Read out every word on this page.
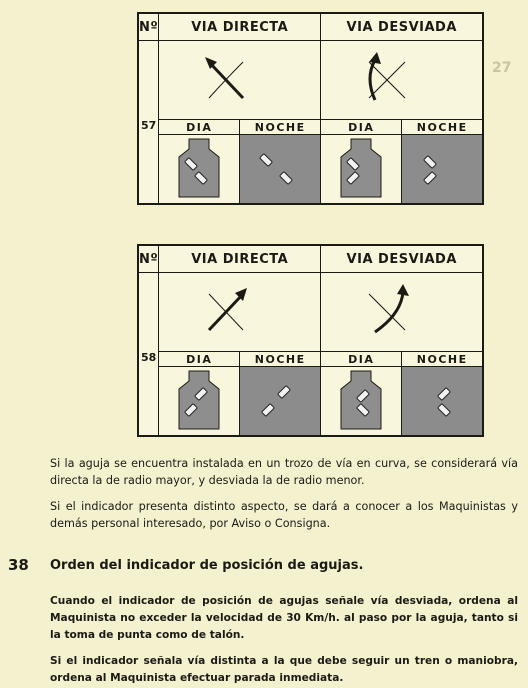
27
Nº	VIA DIRECTA		VIA DESVIADA	

57

	DIA	NOCHE	DIA	NOCHE

Nº	VIA DIRECTA		VIA DESVIADA	

58

	DIA	NOCHE	DIA	NOCHE

Si la aguja se encuentra instalada en un trozo de vía en curva, se considerará vía directa la de radio mayor, y desviada la de radio menor.
Si el indicador presenta distinto aspecto, se dará a conocer a los Maquinistas y demás personal interesado, por Aviso o Consigna.
38 Orden del indicador de posición de agujas.
Cuando el indicador de posición de agujas señale vía desviada, ordena al Maquinista no exceder la velocidad de 30 Km/h. al paso por la aguja, tanto si la toma de punta como de talón.
Si el indicador señala vía distinta a la que debe seguir un tren o maniobra, ordena al Maquinista efectuar parada inmediata.
